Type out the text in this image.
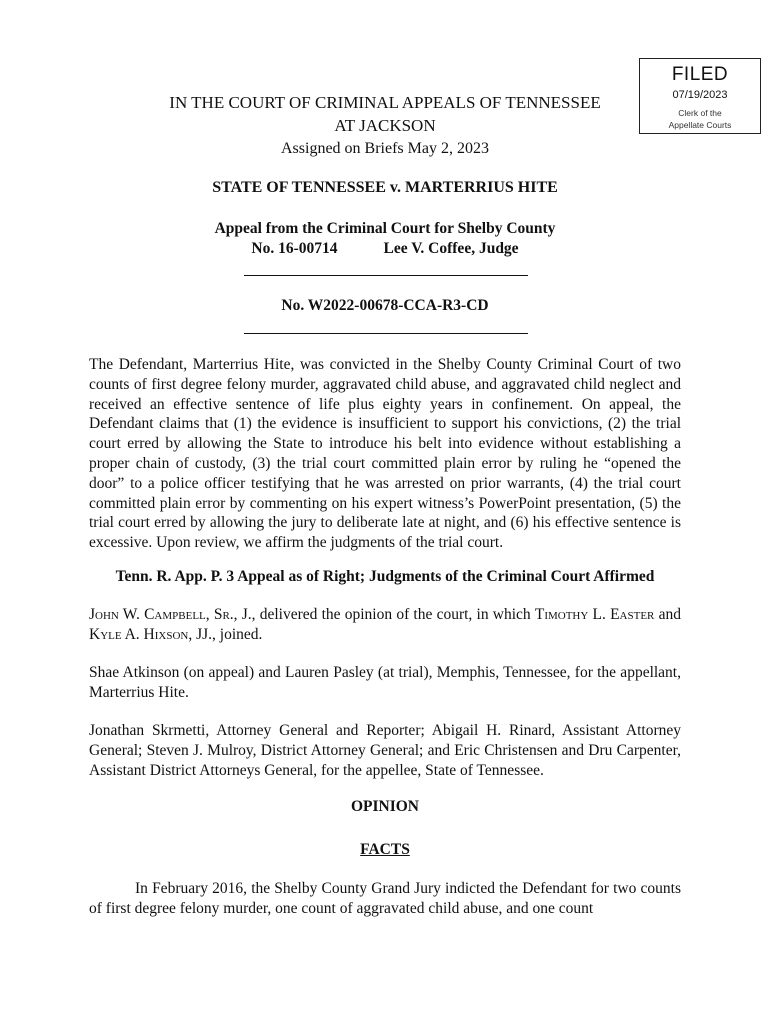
FILED
07/19/2023
Clerk of the
Appellate Courts
IN THE COURT OF CRIMINAL APPEALS OF TENNESSEE
AT JACKSON
Assigned on Briefs May 2, 2023
STATE OF TENNESSEE v. MARTERRIUS HITE
Appeal from the Criminal Court for Shelby County
No. 16-00714	Lee V. Coffee, Judge
No. W2022-00678-CCA-R3-CD
The Defendant, Marterrius Hite, was convicted in the Shelby County Criminal Court of two counts of first degree felony murder, aggravated child abuse, and aggravated child neglect and received an effective sentence of life plus eighty years in confinement. On appeal, the Defendant claims that (1) the evidence is insufficient to support his convictions, (2) the trial court erred by allowing the State to introduce his belt into evidence without establishing a proper chain of custody, (3) the trial court committed plain error by ruling he “opened the door” to a police officer testifying that he was arrested on prior warrants, (4) the trial court committed plain error by commenting on his expert witness’s PowerPoint presentation, (5) the trial court erred by allowing the jury to deliberate late at night, and (6) his effective sentence is excessive. Upon review, we affirm the judgments of the trial court.
Tenn. R. App. P. 3 Appeal as of Right; Judgments of the Criminal Court Affirmed
John W. Campbell, Sr., J., delivered the opinion of the court, in which Timothy L. Easter and Kyle A. Hixson, JJ., joined.
Shae Atkinson (on appeal) and Lauren Pasley (at trial), Memphis, Tennessee, for the appellant, Marterrius Hite.
Jonathan Skrmetti, Attorney General and Reporter; Abigail H. Rinard, Assistant Attorney General; Steven J. Mulroy, District Attorney General; and Eric Christensen and Dru Carpenter, Assistant District Attorneys General, for the appellee, State of Tennessee.
OPINION
FACTS
In February 2016, the Shelby County Grand Jury indicted the Defendant for two counts of first degree felony murder, one count of aggravated child abuse, and one count
